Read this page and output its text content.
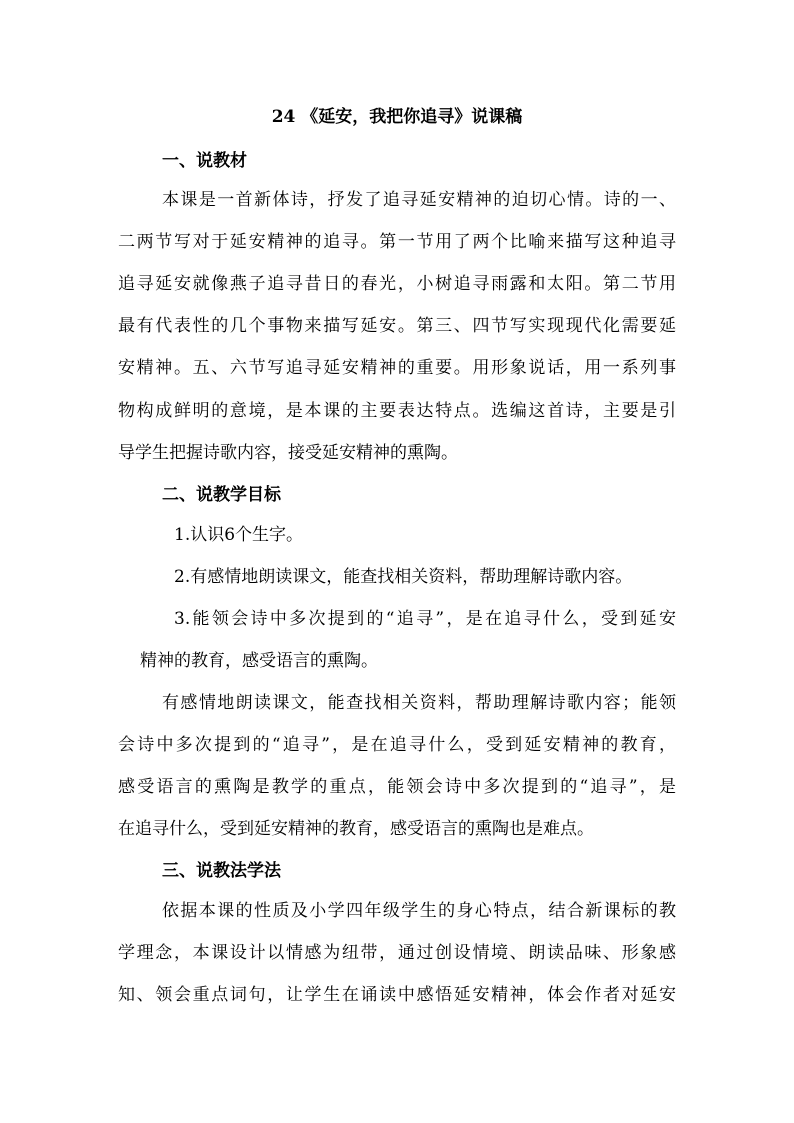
24 《延安，我把你追寻》说课稿
一、说教材
本课是一首新体诗，抒发了追寻延安精神的迫切心情。诗的一、
二两节写对于延安精神的追寻。第一节用了两个比喻来描写这种追寻
追寻延安就像燕子追寻昔日的春光，小树追寻雨露和太阳。第二节用
最有代表性的几个事物来描写延安。第三、四节写实现现代化需要延
安精神。五、六节写追寻延安精神的重要。用形象说话，用一系列事
物构成鲜明的意境，是本课的主要表达特点。选编这首诗，主要是引
导学生把握诗歌内容，接受延安精神的熏陶。
二、说教学目标
1.认识6个生字。
2.有感情地朗读课文，能查找相关资料，帮助理解诗歌内容。
3.能领会诗中多次提到的“追寻”，是在追寻什么，受到延安
精神的教育，感受语言的熏陶。
有感情地朗读课文，能查找相关资料，帮助理解诗歌内容；能领
会诗中多次提到的“追寻”，是在追寻什么，受到延安精神的教育，
感受语言的熏陶是教学的重点，能领会诗中多次提到的“追寻”，是
在追寻什么，受到延安精神的教育，感受语言的熏陶也是难点。
三、说教法学法
依据本课的性质及小学四年级学生的身心特点，结合新课标的教
学理念，本课设计以情感为纽带，通过创设情境、朗读品味、形象感
知、领会重点词句，让学生在诵读中感悟延安精神，体会作者对延安
